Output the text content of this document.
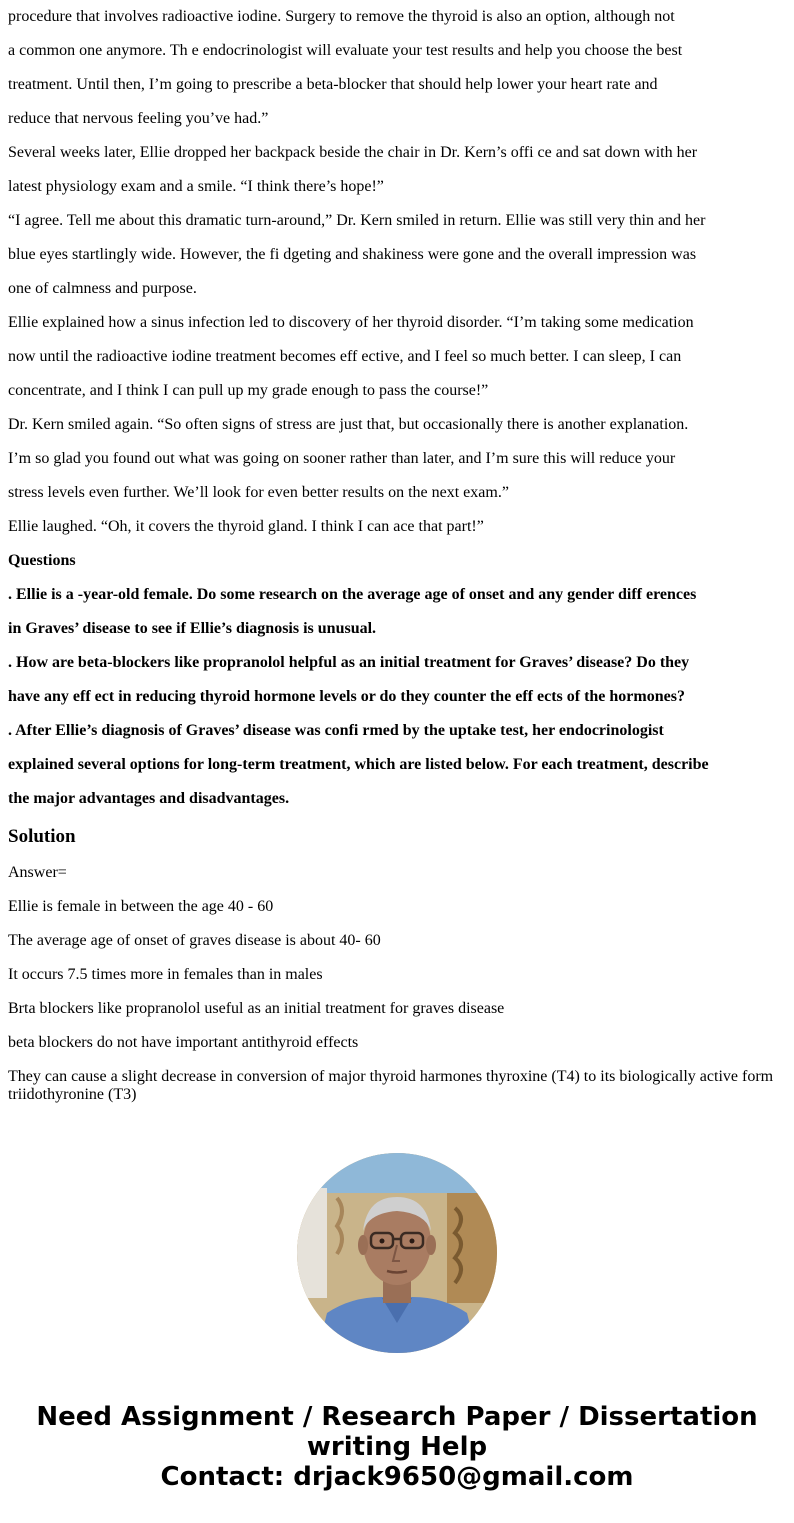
procedure that involves radioactive iodine. Surgery to remove the thyroid is also an option, although not

a common one anymore. Th e endocrinologist will evaluate your test results and help you choose the best

treatment. Until then, I’m going to prescribe a beta-blocker that should help lower your heart rate and

reduce that nervous feeling you’ve had.”

Several weeks later, Ellie dropped her backpack beside the chair in Dr. Kern’s offi ce and sat down with her

latest physiology exam and a smile. “I think there’s hope!”

“I agree. Tell me about this dramatic turn-around,” Dr. Kern smiled in return. Ellie was still very thin and her

blue eyes startlingly wide. However, the fi dgeting and shakiness were gone and the overall impression was

one of calmness and purpose.

Ellie explained how a sinus infection led to discovery of her thyroid disorder. “I’m taking some medication

now until the radioactive iodine treatment becomes eff ective, and I feel so much better. I can sleep, I can

concentrate, and I think I can pull up my grade enough to pass the course!”

Dr. Kern smiled again. “So often signs of stress are just that, but occasionally there is another explanation.

I’m so glad you found out what was going on sooner rather than later, and I’m sure this will reduce your

stress levels even further. We’ll look for even better results on the next exam.”

Ellie laughed. “Oh, it covers the thyroid gland. I think I can ace that part!”

Questions

. Ellie is a -year-old female. Do some research on the average age of onset and any gender diff erences

in Graves’ disease to see if Ellie’s diagnosis is unusual.

. How are beta-blockers like propranolol helpful as an initial treatment for Graves’ disease? Do they

have any eff ect in reducing thyroid hormone levels or do they counter the eff ects of the hormones?

. After Ellie’s diagnosis of Graves’ disease was confi rmed by the uptake test, her endocrinologist

explained several options for long-term treatment, which are listed below. For each treatment, describe

the major advantages and disadvantages.

Solution

Answer=

Ellie is female in between the age 40 - 60

The average age of onset of graves disease is about 40- 60

It occurs 7.5 times more in females than in males

Brta blockers like propranolol useful as an initial treatment for graves disease

beta blockers do not have important antithyroid effects

They can cause a slight decrease in conversion of major thyroid harmones thyroxine (T4) to its biologically active form triidothyronine (T3)

Need Assignment / Research Paper / Dissertation
writing Help
Contact: drjack9650@gmail.com
